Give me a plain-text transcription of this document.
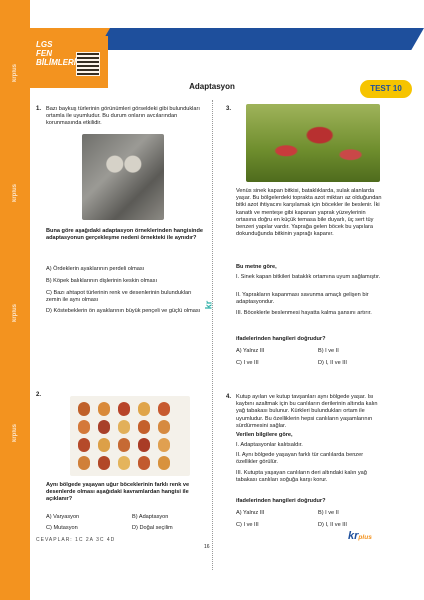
krplus
krplus
krplus
krplus
LGS
FEN
BİLİMLERİ
TEST 10
Adaptasyon
1. Bazı baykuş türlerinin görünümleri görseldeki gibi bulundukları ortamla ile uyumludur. Bu durum onların avcılarından korunmasında etkilidir.
Buna göre aşağıdaki adaptasyon örneklerinden hangisinde adaptasyonun gerçekleşme nedeni örnekteki ile aynıdır?
A) Ördeklerin ayaklarının perdeli olması
B) Köpek balıklarının dişlerinin keskin olması
C) Bazı ahtapot türlerinin renk ve desenlerinin bulundukları zemin ile aynı olması
D) Köstebeklerin ön ayaklarının büyük pençeli ve güçlü olması
2.
Aynı bölgede yaşayan uğur böceklerinin farklı renk ve desenlerde olması aşağıdaki kavramlardan hangisi ile açıklanır?
A) Varyasyon	B) Adaptasyon
C) Mutasyon	D) Doğal seçilim
3.
Venüs sinek kapan bitkisi, bataklıklarda, sulak alanlarda yaşar. Bu bölgelerdeki toprakta azot miktarı az olduğundan bitki azot ihtiyacını karşılamak için böcekler ile beslenir. İki kanatlı ve menteşe gibi kapanan yaprak yüzeylerinin ortasına doğru en küçük temasa bile duyarlı, üç sert tüy benzeri yapılar vardır. Yaprağa gelen böcek bu yapılara dokunduğunda bitkinin yaprağı kapanır.
Bu metne göre,
I. Sinek kapan bitkileri bataklık ortamına uyum sağlamıştır.
II. Yaprakların kapanması savunma amaçlı gelişen bir adaptasyondur.
III. Böceklerle beslenmesi hayatta kalma şansını artırır.
ifadelerinden hangileri doğrudur?
A) Yalnız III	B) I ve II
C) I ve III	D) I, II ve III
kr
4. Kutup ayıları ve kutup tavşanları aynı bölgede yaşar. Isı kaybını azaltmak için bu canlıların derilerinin altında kalın yağ tabakası bulunur. Kürkleri bulundukları ortam ile uyumludur. Bu özelliklerin hepsi canlıların yaşamlarının sürdürmesini sağlar.
Verilen bilgilere göre,
I. Adaptasyonlar kalıtsaldır.
II. Aynı bölgede yaşayan farklı tür canlılarda benzer özellikler görülür.
III. Kutupta yaşayan canlıların deri altındaki kalın yağ tabakası canlıları soğuğa karşı korur.
ifadelerinden hangileri doğrudur?
A) Yalnız III	B) I ve II
C) I ve III	D) I, II ve III
CEVAPLAR: 1C 2A 3C 4D
16
krplus
